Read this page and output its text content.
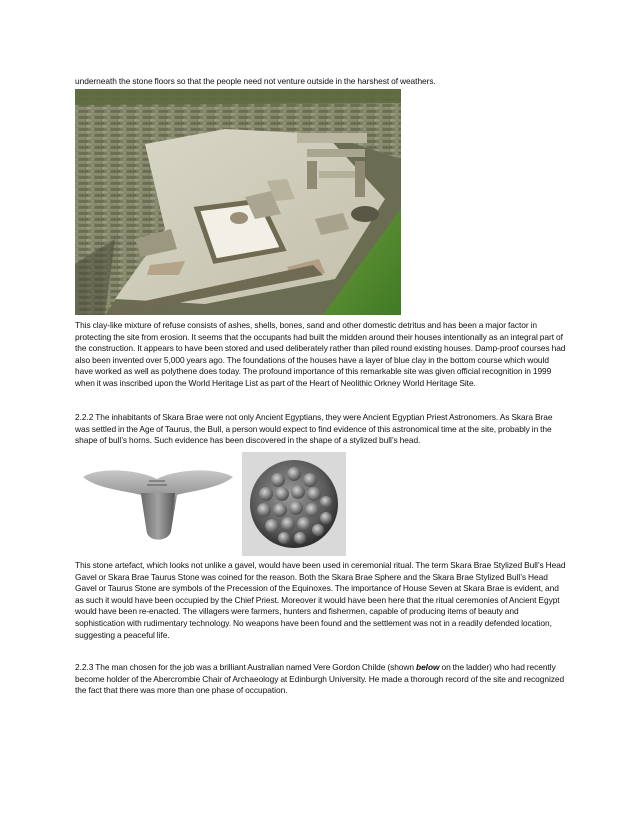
underneath the stone floors so that the people need not venture outside in the harshest of weathers.

This clay-like mixture of refuse consists of ashes, shells, bones, sand and other domestic detritus and has been a major factor in protecting the site from erosion. It seems that the occupants had built the midden around their houses intentionally as an integral part of the construction. It appears to have been stored and used deliberately rather than piled round existing houses. Damp-proof courses had also been invented over 5,000 years ago. The foundations of the houses have a layer of blue clay in the bottom course which would have worked as well as polythene does today. The profound importance of this remarkable site was given official recognition in 1999 when it was inscribed upon the World Heritage List as part of the Heart of Neolithic Orkney World Heritage Site.

2.2.2 The inhabitants of Skara Brae were not only Ancient Egyptians, they were Ancient Egyptian Priest Astronomers. As Skara Brae was settled in the Age of Taurus, the Bull, a person would expect to find evidence of this astronomical time at the site, probably in the shape of bull’s horns. Such evidence has been discovered in the shape of a stylized bull’s head.

This stone artefact, which looks not unlike a gavel, would have been used in ceremonial ritual. The term Skara Brae Stylized Bull’s Head Gavel or Skara Brae Taurus Stone was coined for the reason. Both the Skara Brae Sphere and the Skara Brae Stylized Bull’s Head Gavel or Taurus Stone are symbols of the Precession of the Equinoxes. The importance of House Seven at Skara Brae is evident, and as such it would have been occupied by the Chief Priest. Moreover it would have been here that the ritual ceremonies of Ancient Egypt would have been re-enacted. The villagers were farmers, hunters and fishermen, capable of producing items of beauty and sophistication with rudimentary technology. No weapons have been found and the settlement was not in a readily defended location, suggesting a peaceful life.

2.2.3 The man chosen for the job was a brilliant Australian named Vere Gordon Childe (shown below on the ladder) who had recently become holder of the Abercrombie Chair of Archaeology at Edinburgh University. He made a thorough record of the site and recognized the fact that there was more than one phase of occupation.
